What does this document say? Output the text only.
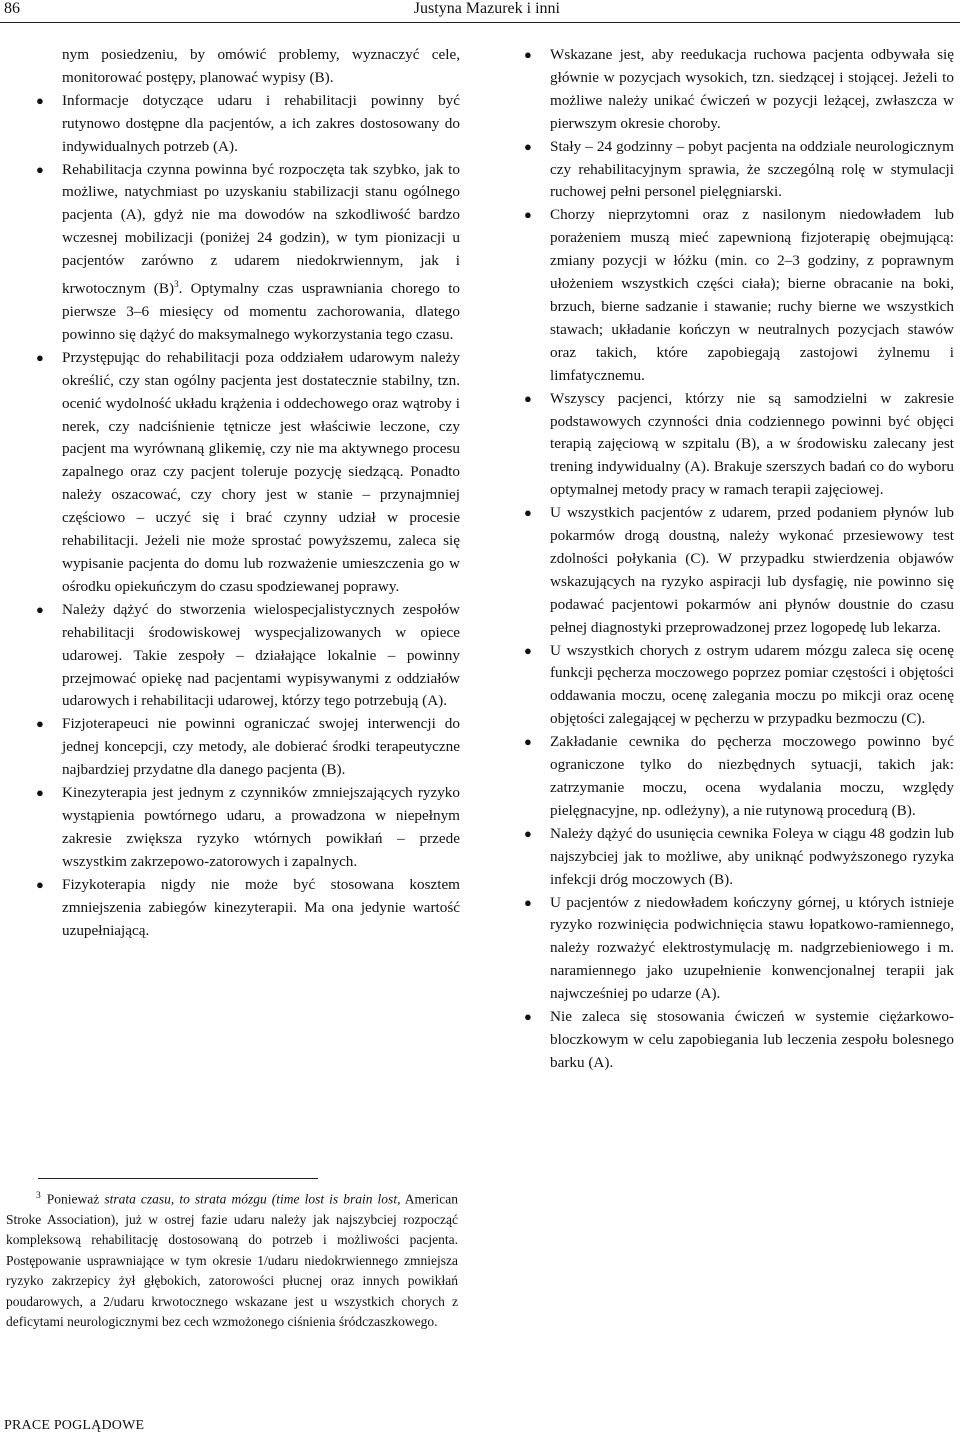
86	Justyna Mazurek i inni

nym posiedzeniu, by omówić problemy, wyznaczyć cele, monitorować postępy, planować wypisy (B).

● Informacje dotyczące udaru i rehabilitacji powinny być rutynowo dostępne dla pacjentów, a ich zakres dostosowany do indywidualnych potrzeb (A).
● Rehabilitacja czynna powinna być rozpoczęta tak szybko, jak to możliwe, natychmiast po uzyskaniu stabilizacji stanu ogólnego pacjenta (A), gdyż nie ma dowodów na szkodliwość bardzo wczesnej mobilizacji (poniżej 24 godzin), w tym pionizacji u pacjentów zarówno z udarem niedokrwiennym, jak i krwotocznym $(B)^3$. Optymalny czas usprawniania chorego to pierwsze 3–6 miesięcy od momentu zachorowania, dlatego powinno się dążyć do maksymalnego wykorzystania tego czasu.
● Przystępując do rehabilitacji poza oddziałem udarowym należy określić, czy stan ogólny pacjenta jest dostatecznie stabilny, tzn. ocenić wydolność układu krążenia i oddechowego oraz wątroby i nerek, czy nadciśnienie tętnicze jest właściwie leczone, czy pacjent ma wyrównaną glikemię, czy nie ma aktywnego procesu zapalnego oraz czy pacjent toleruje pozycję siedzącą. Ponadto należy oszacować, czy chory jest w stanie – przynajmniej częściowo – uczyć się i brać czynny udział w procesie rehabilitacji. Jeżeli nie może sprostać powyższemu, zaleca się wypisanie pacjenta do domu lub rozważenie umieszczenia go w ośrodku opiekuńczym do czasu spodziewanej poprawy.
● Należy dążyć do stworzenia wielospecjalistycznych zespołów rehabilitacji środowiskowej wyspecjalizowanych w opiece udarowej. Takie zespoły – działające lokalnie – powinny przejmować opiekę nad pacjentami wypisywanymi z oddziałów udarowych i rehabilitacji udarowej, którzy tego potrzebują (A).
● Fizjoterapeuci nie powinni ograniczać swojej interwencji do jednej koncepcji, czy metody, ale dobierać środki terapeutyczne najbardziej przydatne dla danego pacjenta (B).
● Kinezyterapia jest jednym z czynników zmniejszających ryzyko wystąpienia powtórnego udaru, a prowadzona w niepełnym zakresie zwiększa ryzyko wtórnych powikłań – przede wszystkim zakrzepowo-zatorowych i zapalnych.
● Fizykoterapia nigdy nie może być stosowana kosztem zmniejszenia zabiegów kinezyterapii. Ma ona jedynie wartość uzupełniającą.
● Wskazane jest, aby reedukacja ruchowa pacjenta odbywała się głównie w pozycjach wysokich, tzn. siedzącej i stojącej. Jeżeli to możliwe należy unikać ćwiczeń w pozycji leżącej, zwłaszcza w pierwszym okresie choroby.
● Stały – 24 godzinny – pobyt pacjenta na oddziale neurologicznym czy rehabilitacyjnym sprawia, że szczególną rolę w stymulacji ruchowej pełni personel pielęgniarski.
● Chorzy nieprzytomni oraz z nasilonym niedowładem lub porażeniem muszą mieć zapewnioną fizjoterapię obejmującą: zmiany pozycji w łóżku (min. co 2–3 godziny, z poprawnym ułożeniem wszystkich części ciała); bierne obracanie na boki, brzuch, bierne sadzanie i stawanie; ruchy bierne we wszystkich stawach; układanie kończyn w neutralnych pozycjach stawów oraz takich, które zapobiegają zastojowi żylnemu i limfatycznemu.
● Wszyscy pacjenci, którzy nie są samodzielni w zakresie podstawowych czynności dnia codziennego powinni być objęci terapią zajęciową w szpitalu (B), a w środowisku zalecany jest trening indywidualny (A). Brakuje szerszych badań co do wyboru optymalnej metody pracy w ramach terapii zajęciowej.
● U wszystkich pacjentów z udarem, przed podaniem płynów lub pokarmów drogą doustną, należy wykonać przesiewowy test zdolności połykania (C). W przypadku stwierdzenia objawów wskazujących na ryzyko aspiracji lub dysfagię, nie powinno się podawać pacjentowi pokarmów ani płynów doustnie do czasu pełnej diagnostyki przeprowadzonej przez logopedę lub lekarza.
● U wszystkich chorych z ostrym udarem mózgu zaleca się ocenę funkcji pęcherza moczowego poprzez pomiar częstości i objętości oddawania moczu, ocenę zalegania moczu po mikcji oraz ocenę objętości zalegającej w pęcherzu w przypadku bezmoczu (C).
● Zakładanie cewnika do pęcherza moczowego powinno być ograniczone tylko do niezbędnych sytuacji, takich jak: zatrzymanie moczu, ocena wydalania moczu, względy pielęgnacyjne, np. odleżyny), a nie rutynową procedurą (B).
● Należy dążyć do usunięcia cewnika Foleya w ciągu 48 godzin lub najszybciej jak to możliwe, aby uniknąć podwyższonego ryzyka infekcji dróg moczowych (B).
● U pacjentów z niedowładem kończyny górnej, u których istnieje ryzyko rozwinięcia podwichnięcia stawu łopatkowo-ramiennego, należy rozważyć elektrostymulację m. nadgrzebieniowego i m. naramiennego jako uzupełnienie konwencjonalnej terapii jak najwcześniej po udarze (A).
● Nie zaleca się stosowania ćwiczeń w systemie ciężarkowo-bloczkowym w celu zapobiegania lub leczenia zespołu bolesnego barku (A).
$^3$ Ponieważ strata czasu, to strata mózgu (time lost is brain lost, American Stroke Association), już w ostrej fazie udaru należy jak najszybciej rozpocząć kompleksową rehabilitację dostosowaną do potrzeb i możliwości pacjenta. Postępowanie usprawniające w tym okresie 1/udaru niedokrwiennego zmniejsza ryzyko zakrzepicy żył głębokich, zatorowości płucnej oraz innych powikłań poudarowych, a 2/udaru krwotocznego wskazane jest u wszystkich chorych z deficytami neurologicznymi bez cech wzmożonego ciśnienia śródczaszkowego.
PRACE POGLĄDOWE
